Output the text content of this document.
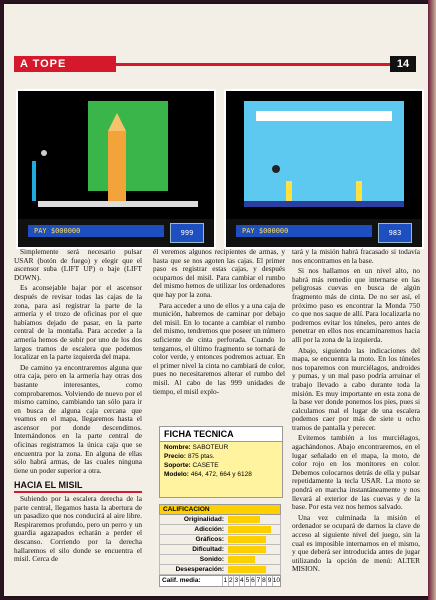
A TOPE	14
PAY $000000	999	PAY $000000	983

Simplemente será necesario pulsar USAR (botón de fuego) y elegir que el ascensor suba (LIFT UP) o baje (LIFT DOWN).

Es aconsejable bajar por el ascensor después de revisar todas las cajas de la zona, para así registrar la parte de la armería y el trozo de oficinas por el que habíamos dejado de pasar, en la parte central de la montaña. Para acceder a la armería hemos de subir por uno de los dos largos tramos de escalera que podemos localizar en la parte izquierda del mapa.

De camino ya encontraremos alguna que otra caja, pero en la armería hay otras dos bastante interesantes, como comprobaremos. Volviendo de nuevo por el mismo camino, cambiando tan sólo para ir en busca de alguna caja cercana que veamos en el mapa, llegaremos hasta el ascensor por donde descendimos. Internándonos en la parte central de oficinas registramos la única caja que se encuentra por la zona. En alguna de ellas sólo habrá armas, de las cuales ninguna tiene un poder superior a otra.

HACIA EL MISIL

Subiendo por la escalera derecha de la parte central, llegamos hasta la abertura de un pasadizo que nos conducirá al aire libre. Respiraremos profundo, pero un perro y un guardia agazapados echarán a perder el descanso. Corriendo por la derecha hallaremos el silo donde se encuentra el misil. Cerca de

él veremos algunos recipientes de armas, y hasta que se nos agoten las cajas. El primer paso es registrar estas cajas, y después ocuparnos del misil. Para cambiar el rumbo del mismo hemos de utilizar los ordenadores que hay por la zona.

Para acceder a uno de ellos y a una caja de munición, habremos de caminar por debajo del misil. En lo tocante a cambiar el rumbo del mismo, tendremos que poseer un número suficiente de cinta perforada. Cuando lo tengamos, el último fragmento se tornará de color verde, y entonces podremos actuar. En el primer nivel la cinta no cambiará de color, pues no necesitaremos alterar el rumbo del misil. Al cabo de las 999 unidades de tiempo, el misil explo-

FICHA TECNICA
Nombre: SABOTEUR
Precio: 875 ptas.
Soporte: CASETE
Modelo: 464, 472, 664 y 6128
CALIFICACION
Originalidad:
Adicción:
Gráficos:
Dificultad:
Sonido:
Desesperación:
Calif. media:	1 2 3 4 5 6 7 8 9 10

tará y la misión habrá fracasado si todavía nos encontramos en la base.

Si nos hallamos en un nivel alto, no habrá más remedio que internarse en las peligrosas cuevas en busca de algún fragmento más de cinta. De no ser así, el próximo paso es encontrar la Monda 750 co que nos saque de allí. Para localizarla no podremos evitar los túneles, pero antes de penetrar en ellos nos encaminaremos hacia allí por la zona de la izquierda.

Abajo, siguiendo las indicaciones del mapa, se encuentra la moto. En los túneles nos toparemos con murciélagos, androides y pumas, y un mal paso podría arruinar el trabajo llevado a cabo durante toda la misión. Es muy importante en esta zona de la base ver donde ponemos los pies, pues si calculamos mal el lugar de una escalera podemos caer por más de siete u ocho tramos de pantalla y perecer.

Evitemos también a los murciélagos, agachándonos. Abajo encontraremos, en el lugar señalado en el mapa, la moto, de color rojo en los monitores en color. Debemos colocarnos detrás de ella y pulsar repetidamente la tecla USAR. La moto se pondrá en marcha instantáneamente y nos llevará al exterior de las cuevas y de la base. Por esta vez nos hemos salvado.

Una vez culminada la misión el ordenador se ocupará de darnos la clave de acceso al siguiente nivel del juego, sin la cual es imposible internarnos en el mismo, y que deberá ser introducida antes de jugar utilizando la opción de menú: ALTER MISION.
